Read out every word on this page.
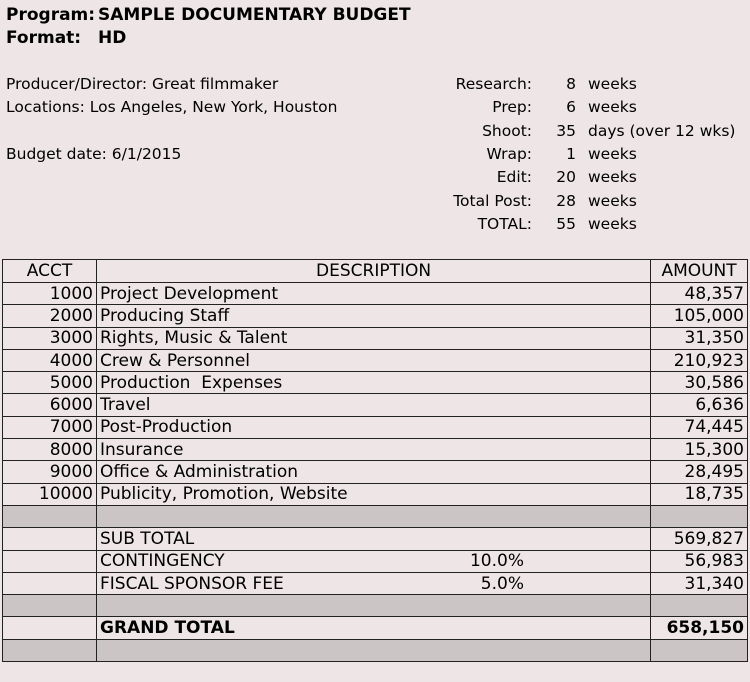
Program: SAMPLE DOCUMENTARY BUDGET
Format: HD
Producer/Director: Great filmmaker
Locations: Los Angeles, New York, Houston
Budget date: 6/1/2015
Research:	8 weeks
Prep:	6 weeks
Shoot:	35 days (over 12 wks)
Wrap:	1 weeks
Edit:	20 weeks
Total Post:	28 weeks
TOTAL:	55 weeks
ACCT	DESCRIPTION	AMOUNT
1000	Project Development	48,357
2000	Producing Staff	105,000
3000	Rights, Music & Talent	31,350
4000	Crew & Personnel	210,923
5000	Production  Expenses	30,586
6000	Travel	6,636
7000	Post-Production	74,445
8000	Insurance	15,300
9000	Office & Administration	28,495
10000	Publicity, Promotion, Website	18,735

	SUB TOTAL	569,827
	CONTINGENCY 10.0%	56,983
	FISCAL SPONSOR FEE 5.0%	31,340

	GRAND TOTAL	658,150
